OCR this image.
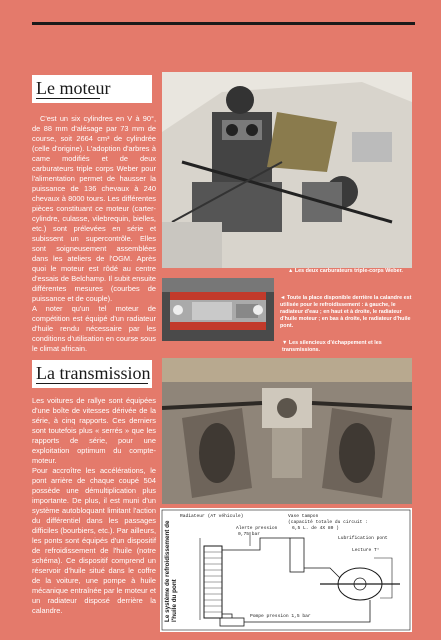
Le moteur
C'est un six cylindres en V à 90°, de 88 mm d'alésage par 73 mm de course, soit 2664 cm³ de cylindrée (celle d'origine). L'adoption d'arbres à came modifiés et de deux carburateurs triple corps Weber pour l'alimentation permet de hausser la puissance de 136 chevaux à 240 chevaux à 8000 tours. Les différentes pièces constituant ce moteur (carter-cylindre, culasse, vilebrequin, bielles, etc.) sont prélevées en série et subissent un supercontrôle. Elles sont soigneusement assemblées dans les ateliers de l'OGM. Après quoi le moteur est rôdé au centre d'essais de Belchamp. Il subit ensuite différentes mesures (courbes de puissance et de couple).
A noter qu'un tel moteur de compétition est équipé d'un radiateur d'huile rendu nécessaire par les conditions d'utilisation en course sous le climat africain.
La transmission
Les voitures de rallye sont équipées d'une boîte de vitesses dérivée de la série, à cinq rapports. Ces derniers sont toutefois plus « serrés » que les rapports de série, pour une exploitation optimum du compte-moteur.
Pour accroître les accélérations, le pont arrière de chaque coupé 504 possède une démultiplication plus importante. De plus, il est muni d'un système autobloquant limitant l'action du différentiel dans les passages difficiles (bourbiers, etc.). Par ailleurs, les ponts sont équipés d'un dispositif de refroidissement de l'huile (notre schéma). Ce dispositif comprend un réservoir d'huile situé dans le coffre de la voiture, une pompe à huile mécanique entraînée par le moteur et un radiateur disposé derrière la calandre.
▲ Les deux carburateurs triple-corps Weber.
◄ Toute la place disponible derrière la calandre est utilisée pour le refroidissement : à gauche, le radiateur d'eau ; en haut et à droite, le radiateur d'huile moteur ; en bas à droite, le radiateur d'huile pont.
▼ Les silencieux d'échappement et les transmissions.
Radiateur (AT véhicule)
Alerte pression
0,75 bar
Vase tampon
(capacité totale du circuit :
6,5 L. de 4X 80 )
Lubrification pont
Lecture T°
Pompe pression 1,5 bar
Le système de refroidissement de l'huile du pont
